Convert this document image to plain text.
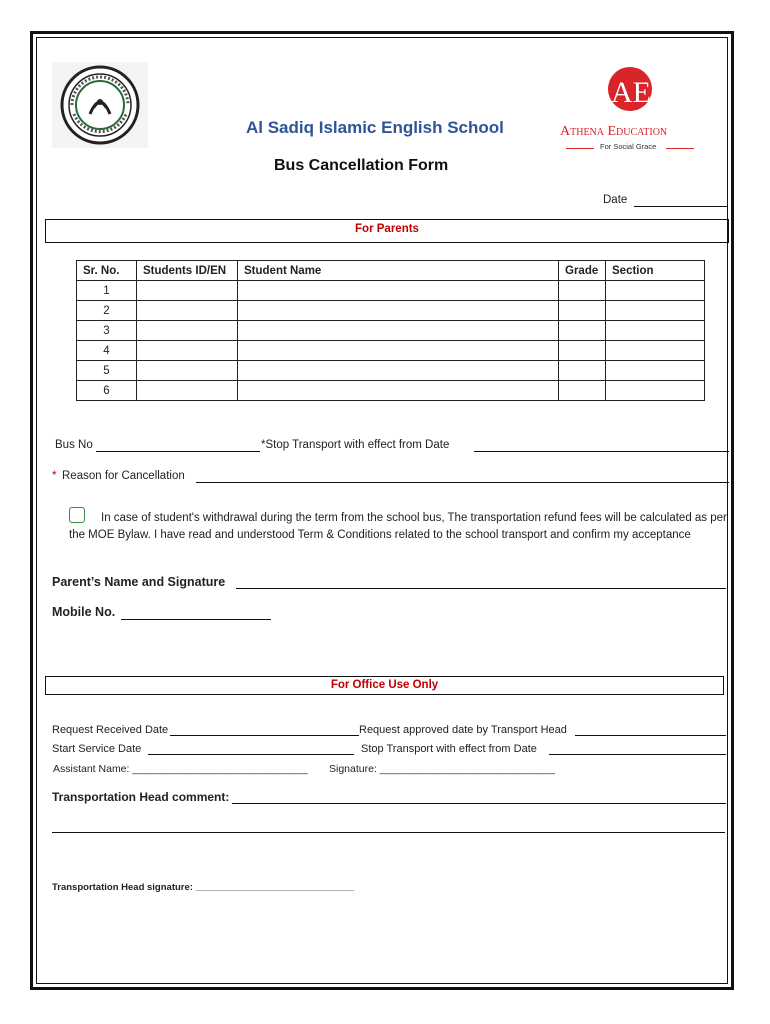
AE
Athena Education
For Social Grace
Al Sadiq Islamic English School
Bus Cancellation Form
Date
For Parents
Sr. No.	Students ID/EN	Student Name	Grade	Section
1				
2				
3				
4				
5				
6				
Bus No	*Stop Transport with effect from Date
* Reason for Cancellation
In case of student's withdrawal during the term from the school bus, The transportation refund fees will be calculated as per the MOE Bylaw. I have read and understood Term & Conditions related to the school transport and confirm my acceptance
Parent’s Name and Signature
Mobile No.
For Office Use Only
Request Received Date	Request approved date by Transport Head
Start Service Date	Stop Transport with effect from Date
Assistant Name: ______________________________ Signature: ______________________________
Transportation Head comment:
Transportation Head signature: ______________________________
